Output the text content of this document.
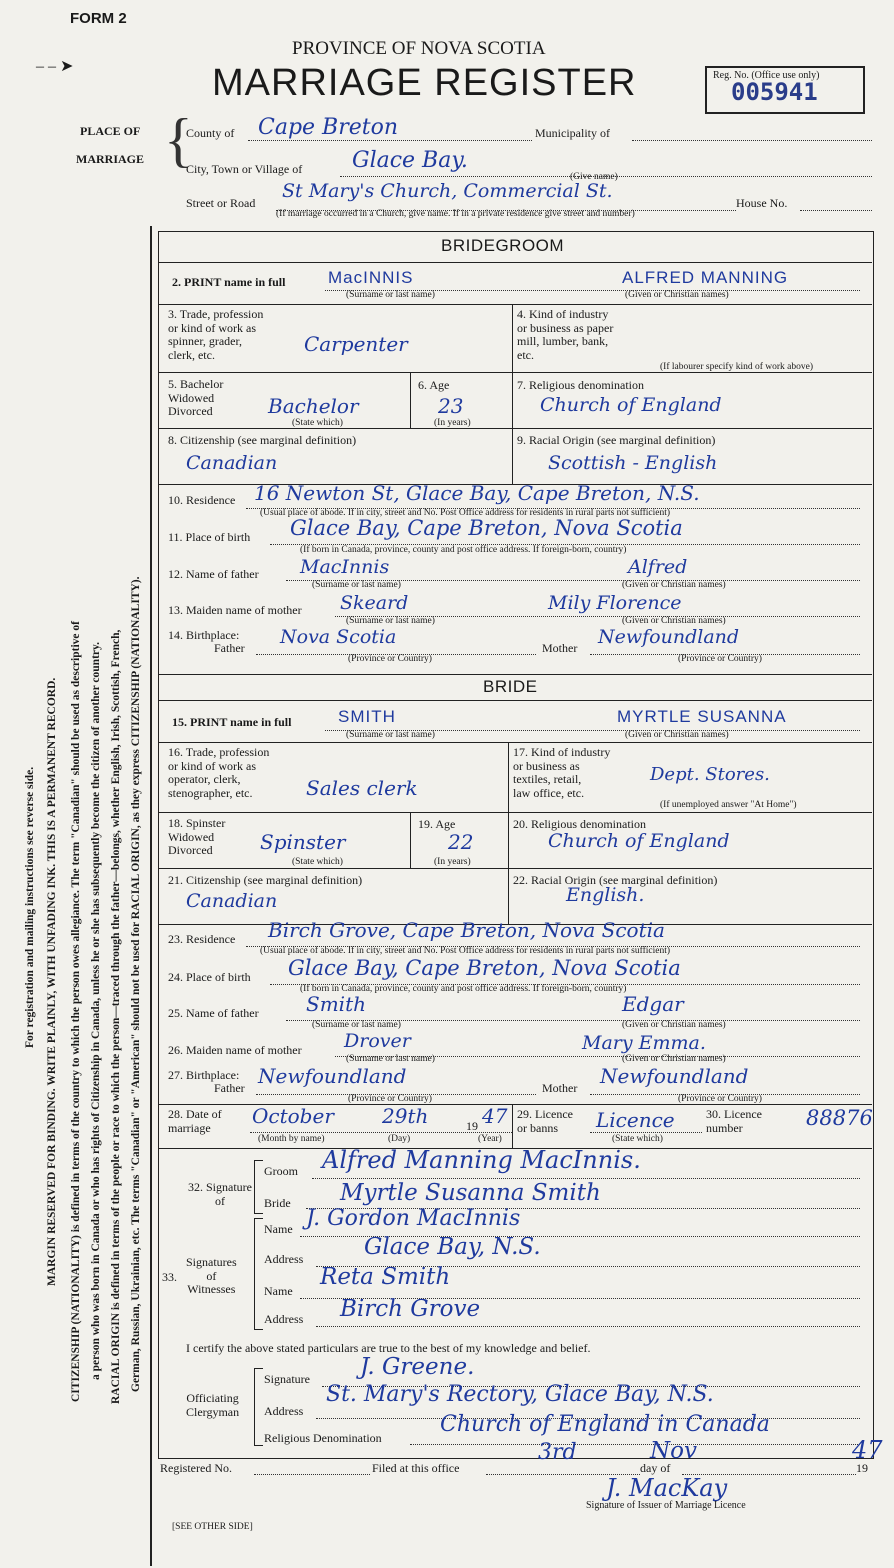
FORM 2
– – ➤
PROVINCE OF NOVA SCOTIA
MARRIAGE REGISTER	Reg. No. (Office use only)
005941
PLACE OF
MARRIAGE {
County of Cape Breton	Municipality of
City, Town or Village of Glace Bay.
(Give name)
Street or Road
St Mary's Church, Commercial St.
House No.
(If marriage occurred in a Church, give name. If in a private residence give street and number)
For registration and mailing instructions see reverse side. MARGIN RESERVED FOR BINDING. WRITE PLAINLY, WITH UNFADING INK. THIS IS A PERMANENT RECORD. CITIZENSHIP (NATIONALITY) is defined in terms of the country to which the person owes allegiance. The term "Canadian" should be used as descriptive of a person who was born in Canada or who has rights of Citizenship in Canada, unless he or she has subsequently become the citizen of another country. RACIAL ORIGIN is defined in terms of the people or race to which the person—traced through the father—belongs, whether English, Irish, Scottish, French, German, Russian, Ukrainian, etc. The terms "Canadian" or "American" should not be used for RACIAL ORIGIN, as they express CITIZENSHIP (NATIONALITY).
BRIDEGROOM
2. PRINT name in full	MacINNIS	ALFRED MANNING
(Surname or last name)	(Given or Christian names)
3. Trade, profession
or kind of work as
spinner, grader,
clerk, etc.	Carpenter
4. Kind of industry
or business as paper
mill, lumber, bank,
etc.
(If labourer specify kind of work above)
5. Bachelor
Widowed
Divorced	Bachelor
(State which)
6. Age
23
(In years)
7. Religious denomination
Church of England
8. Citizenship (see marginal definition)
Canadian
9. Racial Origin (see marginal definition)
Scottish - English
10. Residence 16 Newton St, Glace Bay, Cape Breton, N.S.
(Usual place of abode. If in city, street and No. Post Office address for residents in rural parts not sufficient)
11. Place of birth Glace Bay, Cape Breton, Nova Scotia
(If born in Canada, province, county and post office address. If foreign-born, country)
12. Name of father MacInnis	Alfred
(Surname or last name)	(Given or Christian names)
13. Maiden name of mother Skeard	Mily Florence
(Surname or last name)	(Given or Christian names)
14. Birthplace:
Father Nova Scotia	Mother Newfoundland
(Province or Country)	(Province or Country)
BRIDE
15. PRINT name in full	SMITH	MYRTLE SUSANNA
(Surname or last name)	(Given or Christian names)
16. Trade, profession
or kind of work as
operator, clerk,
stenographer, etc.	Sales clerk
17. Kind of industry
or business as
textiles, retail,
law office, etc.
Dept. Stores.
(If unemployed answer "At Home")
18. Spinster
Widowed
Divorced	Spinster
(State which)
19. Age
22
(In years)
20. Religious denomination
Church of England
21. Citizenship (see marginal definition)
Canadian
22. Racial Origin (see marginal definition)
English.
23. Residence Birch Grove, Cape Breton, Nova Scotia
(Usual place of abode. If in city, street and No. Post Office address for residents in rural parts not sufficient)
24. Place of birth Glace Bay, Cape Breton, Nova Scotia
(If born in Canada, province, county and post office address. If foreign-born, country)
25. Name of father Smith	Edgar
(Surname or last name)	(Given or Christian names)
26. Maiden name of mother Drover	Mary Emma.
(Surname or last name)	(Given or Christian names)
27. Birthplace:
Father Newfoundland	Mother Newfoundland
(Province or Country)	(Province or Country)
28. Date of
marriage	October 29th	19 47
(Month by name)	(Day)	(Year)
29. Licence
or banns	Licence
(State which)
30. Licence
number	88876
32. Signature
of
Groom Alfred Manning MacInnis.
Bride Myrtle Susanna Smith
33.
Signatures
of
Witnesses
Name J. Gordon MacInnis
Address	Glace Bay, N.S.
Name
Reta Smith
Address Birch Grove
I certify the above stated particulars are true to the best of my knowledge and belief.
Officiating
Clergyman
Signature J. Greene.
Address
St. Mary's Rectory, Glace Bay, N.S.
Religious Denomination
Church of England in Canada
Registered No.	Filed at this office
3rd
day of
Nov
19
47
J. MacKay
Signature of Issuer of Marriage Licence
[SEE OTHER SIDE]
